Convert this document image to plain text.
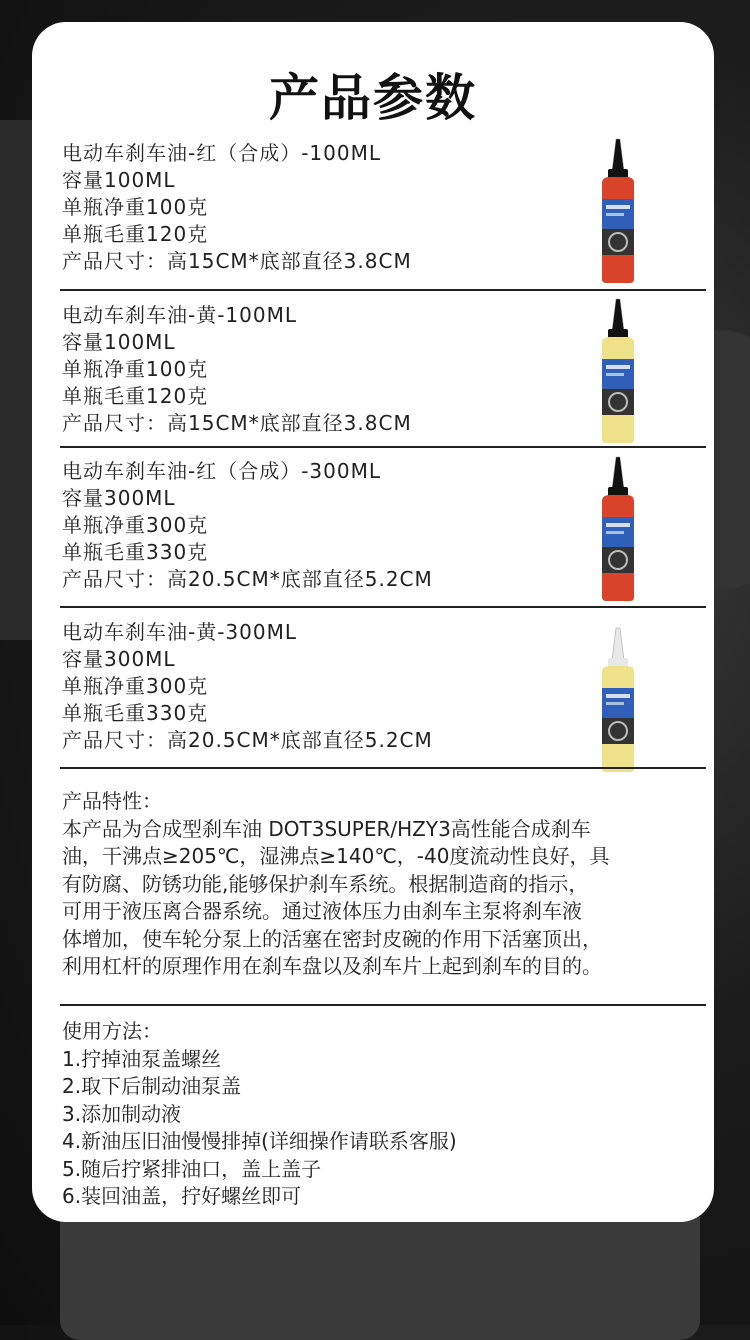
产品参数
电动车刹车油-红（合成）-100ML
容量100ML
单瓶净重100克
单瓶毛重120克
产品尺寸：高15CM*底部直径3.8CM
电动车刹车油-黄-100ML
容量100ML
单瓶净重100克
单瓶毛重120克
产品尺寸：高15CM*底部直径3.8CM
电动车刹车油-红（合成）-300ML
容量300ML
单瓶净重300克
单瓶毛重330克
产品尺寸：高20.5CM*底部直径5.2CM
电动车刹车油-黄-300ML
容量300ML
单瓶净重300克
单瓶毛重330克
产品尺寸：高20.5CM*底部直径5.2CM
产品特性：
本产品为合成型刹车油 DOT3SUPER/HZY3高性能合成刹车
油，干沸点≥205℃，湿沸点≥140℃，-40度流动性良好，具
有防腐、防锈功能,能够保护刹车系统。根据制造商的指示，
可用于液压离合器系统。通过液体压力由刹车主泵将刹车液
体增加，使车轮分泵上的活塞在密封皮碗的作用下活塞顶出，
利用杠杆的原理作用在刹车盘以及刹车片上起到刹车的目的。
使用方法：
1.拧掉油泵盖螺丝
2.取下后制动油泵盖
3.添加制动液
4.新油压旧油慢慢排掉(详细操作请联系客服)
5.随后拧紧排油口，盖上盖子
6.装回油盖，拧好螺丝即可
